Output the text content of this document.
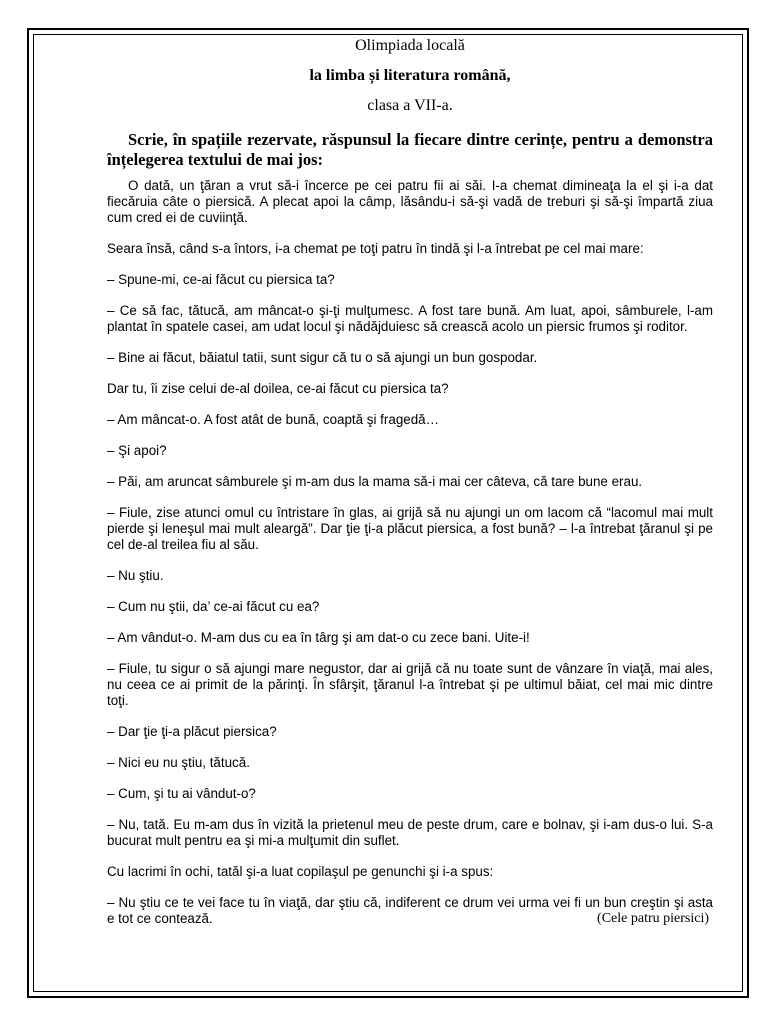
Olimpiada locală
la limba și literatura română,
clasa a VII-a.
Scrie, în spațiile rezervate, răspunsul la fiecare dintre cerințe, pentru a demonstra înțelegerea textului de mai jos:

O dată, un ţăran a vrut să-i încerce pe cei patru fii ai săi. I-a chemat dimineaţa la el şi i-a dat fiecăruia câte o piersică. A plecat apoi la câmp, lăsându-i să-şi vadă de treburi şi să-şi împartă ziua cum cred ei de cuviinţă.

Seara însă, când s-a întors, i-a chemat pe toţi patru în tindă şi l-a întrebat pe cel mai mare:

– Spune-mi, ce-ai făcut cu piersica ta?

– Ce să fac, tătucă, am mâncat-o şi-ţi mulţumesc. A fost tare bună. Am luat, apoi, sâmburele, l-am plantat în spatele casei, am udat locul şi nădăjduiesc să crească acolo un piersic frumos şi roditor.

– Bine ai făcut, băiatul tatii, sunt sigur că tu o să ajungi un bun gospodar.

Dar tu, îi zise celui de-al doilea, ce-ai făcut cu piersica ta?

– Am mâncat-o. A fost atât de bună, coaptă şi fragedă…

– Şi apoi?

– Păi, am aruncat sâmburele şi m-am dus la mama să-i mai cer câteva, că tare bune erau.

– Fiule, zise atunci omul cu întristare în glas, ai grijă să nu ajungi un om lacom că “lacomul mai mult pierde şi leneşul mai mult aleargă”. Dar ţie ţi-a plăcut piersica, a fost bună? – l-a întrebat ţăranul şi pe cel de-al treilea fiu al său.

– Nu ştiu.

– Cum nu ştii, da’ ce-ai făcut cu ea?

– Am vândut-o. M-am dus cu ea în târg şi am dat-o cu zece bani. Uite-i!

– Fiule, tu sigur o să ajungi mare negustor, dar ai grijă că nu toate sunt de vânzare în viaţă, mai ales, nu ceea ce ai primit de la părinţi. În sfârşit, ţăranul l-a întrebat şi pe ultimul băiat, cel mai mic dintre toţi.

– Dar ţie ţi-a plăcut piersica?

– Nici eu nu ştiu, tătucă.

– Cum, şi tu ai vândut-o?

– Nu, tată. Eu m-am dus în vizită la prietenul meu de peste drum, care e bolnav, şi i-am dus-o lui. S-a bucurat mult pentru ea şi mi-a mulţumit din suflet.

Cu lacrimi în ochi, tatăl şi-a luat copilaşul pe genunchi şi i-a spus:

– Nu ştiu ce te vei face tu în viaţă, dar ştiu că, indiferent ce drum vei urma vei fi un bun creştin şi asta e tot ce contează.	(Cele patru piersici)
